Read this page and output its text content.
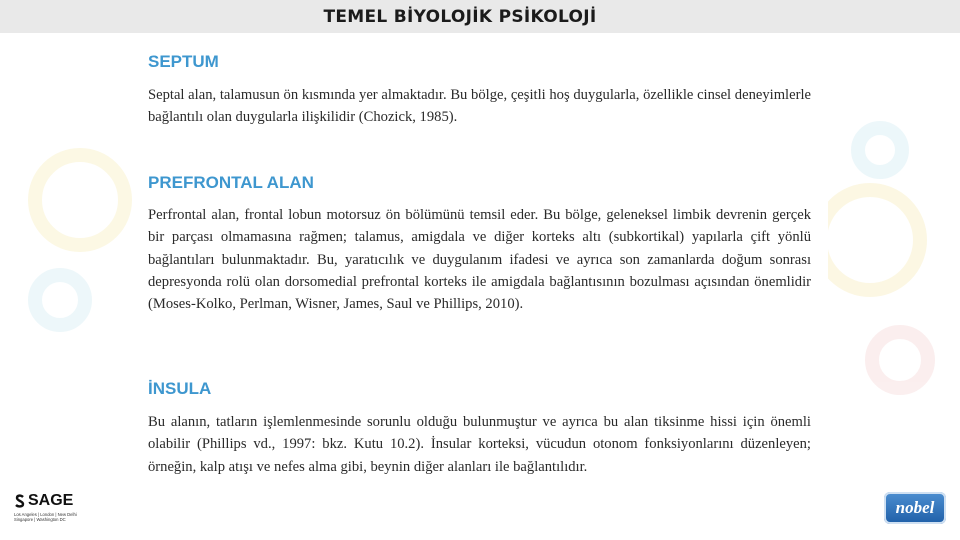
TEMEL BİYOLOJİK PSİKOLOJİ
SEPTUM
Septal alan, talamusun ön kısmında yer almaktadır. Bu bölge, çeşitli hoş duygularla, özellikle cinsel deneyimlerle bağlantılı olan duygularla ilişkilidir (Chozick, 1985).
PREFRONTAL ALAN
Perfrontal alan, frontal lobun motorsuz ön bölümünü temsil eder. Bu bölge, geleneksel limbik devrenin gerçek bir parçası olmamasına rağmen; talamus, amigdala ve diğer korteks altı (subkortikal) yapılarla çift yönlü bağlantıları bulunmaktadır. Bu, yaratıcılık ve duygulanım ifadesi ve ayrıca son zamanlarda doğum sonrası depresyonda rolü olan dorsomedial prefrontal korteks ile amigdala bağlantısının bozulması açısından önemlidir (Moses-Kolko, Perlman, Wisner, James, Saul ve Phillips, 2010).
İNSULA
Bu alanın, tatların işlemlenmesinde sorunlu olduğu bulunmuştur ve ayrıca bu alan tiksinme hissi için önemli olabilir (Phillips vd., 1997: bkz. Kutu 10.2). İnsular korteksi, vücudun otonom fonksiyonlarını düzenleyen; örneğin, kalp atışı ve nefes alma gibi, beynin diğer alanları ile bağlantılıdır.
SAGE
Los Angeles | London | New Delhi Singapore | Washington DC
nobel
